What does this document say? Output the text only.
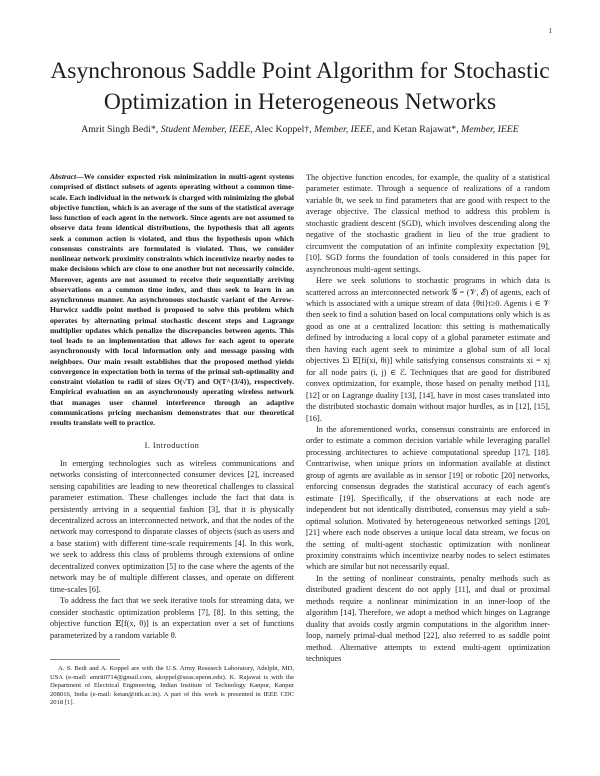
1
Asynchronous Saddle Point Algorithm for Stochastic Optimization in Heterogeneous Networks
Amrit Singh Bedi*, Student Member, IEEE, Alec Koppel†, Member, IEEE, and Ketan Rajawat*, Member, IEEE

Abstract—We consider expected risk minimization in multi-agent systems comprised of distinct subsets of agents operating without a common time-scale. Each individual in the network is charged with minimizing the global objective function, which is an average of the sum of the statistical average loss function of each agent in the network. Since agents are not assumed to observe data from identical distributions, the hypothesis that all agents seek a common action is violated, and thus the hypothesis upon which consensus constraints are formulated is violated. Thus, we consider nonlinear network proximity constraints which incentivize nearby nodes to make decisions which are close to one another but not necessarily coincide. Moreover, agents are not assumed to receive their sequentially arriving observations on a common time index, and thus seek to learn in an asynchronous manner. An asynchronous stochastic variant of the Arrow-Hurwicz saddle point method is proposed to solve this problem which operates by alternating primal stochastic descent steps and Lagrange multiplier updates which penalize the discrepancies between agents. This tool leads to an implementation that allows for each agent to operate asynchronously with local information only and message passing with neighbors. Our main result establishes that the proposed method yields convergence in expectation both in terms of the primal sub-optimality and constraint violation to radii of sizes O(√T) and O(T^{3/4}), respectively. Empirical evaluation on an asynchronously operating wireless network that manages user channel interference through an adaptive communications pricing mechanism demonstrates that our theoretical results translate well to practice.

I. Introduction

In emerging technologies such as wireless communications and networks consisting of interconnected consumer devices [2], increased sensing capabilities are leading to new theoretical challenges to classical parameter estimation. These challenges include the fact that data is persistently arriving in a sequential fashion [3], that it is physically decentralized across an interconnected network, and that the nodes of the network may correspond to disparate classes of objects (such as users and a base station) with different time-scale requirements [4]. In this work, we seek to address this class of problems through extensions of online decentralized convex optimization [5] to the case where the agents of the network may be of multiple different classes, and operate on different time-scales [6].

To address the fact that we seek iterative tools for streaming data, we consider stochastic optimization problems [7], [8]. In this setting, the objective function 𝔼[f(x, θ)] is an expectation over a set of functions parameterized by a random variable θ.

A. S. Bedi and A. Koppel are with the U.S. Army Research Laboratory, Adelphi, MD, USA (e-mail: amrit0714@gmail.com, akoppel@seas.upenn.edu). K. Rajawat is with the Department of Electrical Engineering, Indian Institute of Technology Kanpur, Kanpur 208016, India (e-mail: ketan@iitk.ac.in). A part of this work is presented in IEEE CDC 2018 [1].

The objective function encodes, for example, the quality of a statistical parameter estimate. Through a sequence of realizations of a random variable θt, we seek to find parameters that are good with respect to the average objective. The classical method to address this problem is stochastic gradient descent (SGD), which involves descending along the negative of the stochastic gradient in lieu of the true gradient to circumvent the computation of an infinite complexity expectation [9], [10]. SGD forms the foundation of tools considered in this paper for asynchronous multi-agent settings.

Here we seek solutions to stochastic programs in which data is scattered across an interconnected network 𝒢 = (𝒱, ℰ) of agents, each of which is associated with a unique stream of data {θti}t≥0. Agents i ∈ 𝒱 then seek to find a solution based on local computations only which is as good as one at a centralized location: this setting is mathematically defined by introducing a local copy of a global parameter estimate and then having each agent seek to minimize a global sum of all local objectives Σi 𝔼[fi(xi, θi)] while satisfying consensus constraints xi = xj for all node pairs (i, j) ∈ ℰ. Techniques that are good for distributed convex optimization, for example, those based on penalty method [11], [12] or on Lagrange duality [13], [14], have in most cases translated into the distributed stochastic domain without major hurdles, as in [12], [15], [16].

In the aforementioned works, consensus constraints are enforced in order to estimate a common decision variable while leveraging parallel processing architectures to achieve computational speedup [17], [18]. Contrariwise, when unique priors on information available at distinct group of agents are available as in sensor [19] or robotic [20] networks, enforcing consensus degrades the statistical accuracy of each agent's estimate [19]. Specifically, if the observations at each node are independent but not identically distributed, consensus may yield a sub-optimal solution. Motivated by heterogeneous networked settings [20], [21] where each node observes a unique local data stream, we focus on the setting of multi-agent stochastic optimization with nonlinear proximity constraints which incentivize nearby nodes to select estimates which are similar but not necessarily equal.

In the setting of nonlinear constraints, penalty methods such as distributed gradient descent do not apply [11], and dual or proximal methods require a nonlinear minimization in an inner-loop of the algorithm [14]. Therefore, we adopt a method which hinges on Lagrange duality that avoids costly argmin computations in the algorithm inner-loop, namely primal-dual method [22], also referred to as saddle point method. Alternative attempts to extend multi-agent optimization techniques
